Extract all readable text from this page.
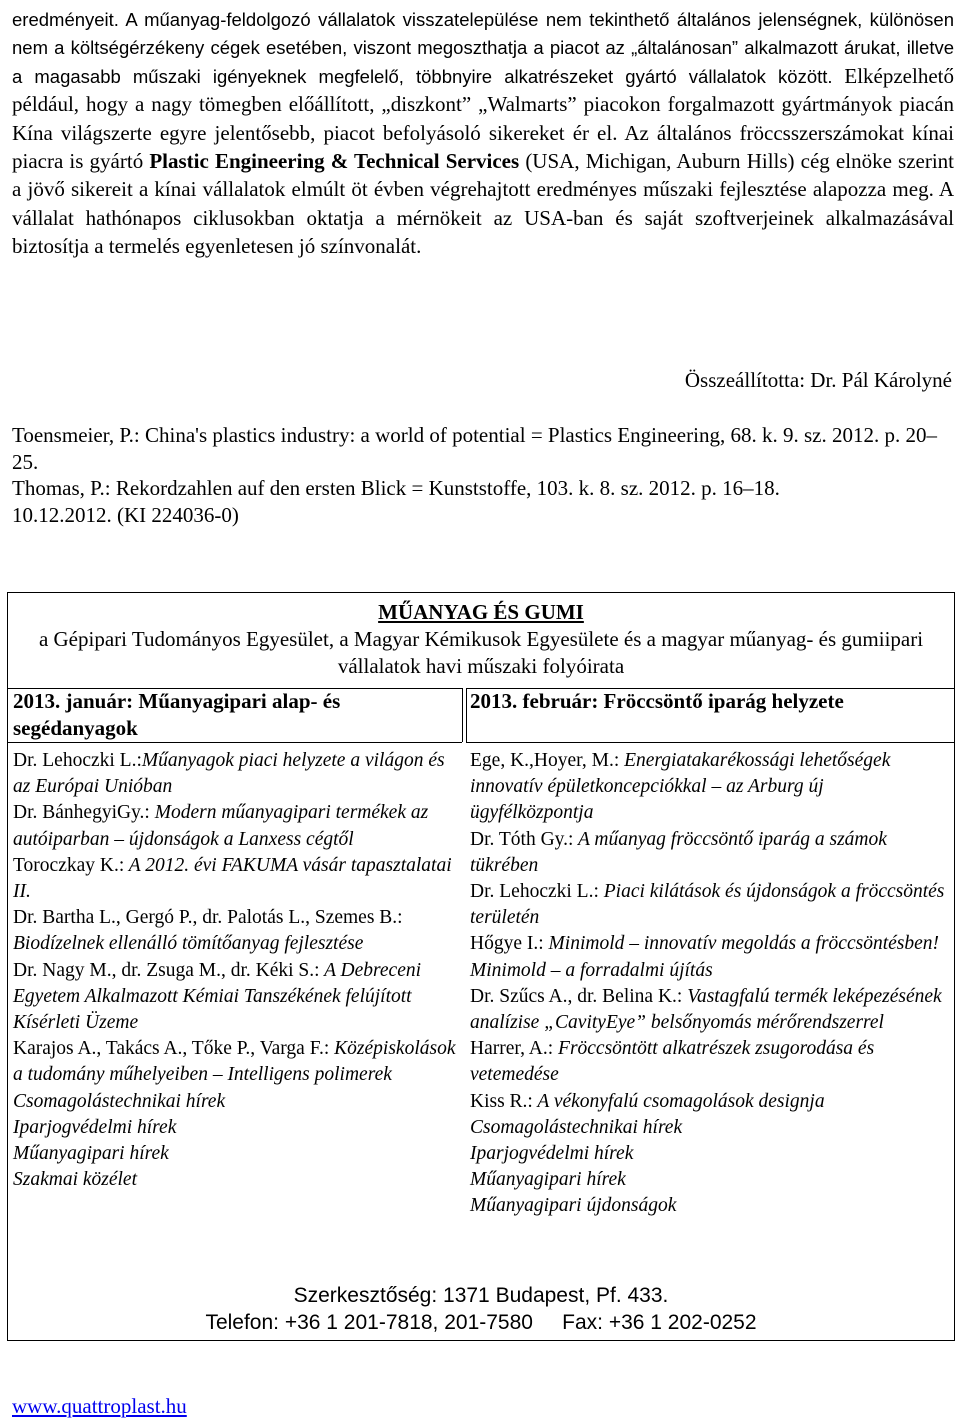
eredményeit. A műanyag-feldolgozó vállalatok visszatelepülése nem tekinthető általános jelenségnek, különösen nem a költségérzékeny cégek esetében, viszont megoszthatja a piacot az „általánosan” alkalmazott árukat, illetve a magasabb műszaki igényeknek megfelelő, többnyire alkatrészeket gyártó vállalatok között. Elképzelhető például, hogy a nagy tömegben előállított, „diszkont” „Walmarts” piacokon forgalmazott gyártmányok piacán Kína világszerte egyre jelentősebb, piacot befolyásoló sikereket ér el. Az általános fröccsszerszámokat kínai piacra is gyártó Plastic Engineering & Technical Services (USA, Michigan, Auburn Hills) cég elnöke szerint a jövő sikereit a kínai vállalatok elmúlt öt évben végrehajtott eredményes műszaki fejlesztése alapozza meg. A vállalat hathónapos ciklusokban oktatja a mérnökeit az USA-ban és saját szoftverjeinek alkalmazásával biztosítja a termelés egyenletesen jó színvonalát.
Összeállította: Dr. Pál Károlyné

Toensmeier, P.: China's plastics industry: a world of potential = Plastics Engineering, 68. k. 9. sz. 2012. p. 20–25.

Thomas, P.: Rekordzahlen auf den ersten Blick = Kunststoffe, 103. k. 8. sz. 2012. p. 16–18.

10.12.2012. (KI 224036-0)

MŰANYAG ÉS GUMI
a Gépipari Tudományos Egyesület, a Magyar Kémikusok Egyesülete és a magyar műanyag- és gumiipari vállalatok havi műszaki folyóirata
2013. január: Műanyagipari alap- és segédanyagok

Dr. Lehoczki L.:Műanyagok piaci helyzete a világon és az Európai Unióban

Dr. BánhegyiGy.: Modern műanyagipari termékek az autóiparban – újdonságok a Lanxess cégtől

Toroczkay K.: A 2012. évi FAKUMA vásár tapasztalatai II.

Dr. Bartha L., Gergó P., dr. Palotás L., Szemes B.: Biodízelnek ellenálló tömítőanyag fejlesztése

Dr. Nagy M., dr. Zsuga M., dr. Kéki S.: A Debreceni Egyetem Alkalmazott Kémiai Tanszékének felújított Kísérleti Üzeme

Karajos A., Takács A., Tőke P., Varga F.: Középiskolások a tudomány műhelyeiben – Intelligens polimerek

Csomagolástechnikai hírek

Iparjogvédelmi hírek

Műanyagipari hírek

Szakmai közélet

2013. február: Fröccsöntő iparág helyzete

Ege, K.,Hoyer, M.: Energiatakarékossági lehetőségek innovatív épületkoncepciókkal – az Arburg új ügyfélközpontja

Dr. Tóth Gy.: A műanyag fröccsöntő iparág a számok tükrében

Dr. Lehoczki L.: Piaci kilátások és újdonságok a fröccsöntés területén

Hőgye I.: Minimold – innovatív megoldás a fröccsöntésben! Minimold – a forradalmi újítás

Dr. Szűcs A., dr. Belina K.: Vastagfalú termék leképezésének analízise „CavityEye” belsőnyomás mérőrendszerrel

Harrer, A.: Fröccsöntött alkatrészek zsugorodása és vetemedése

Kiss R.: A vékonyfalú csomagolások designja

Csomagolástechnikai hírek

Iparjogvédelmi hírek

Műanyagipari hírek

Műanyagipari újdonságok

Szerkesztőség: 1371 Budapest, Pf. 433.
Telefon: +36 1 201-7818, 201-7580     Fax: +36 1 202-0252
www.quattroplast.hu
